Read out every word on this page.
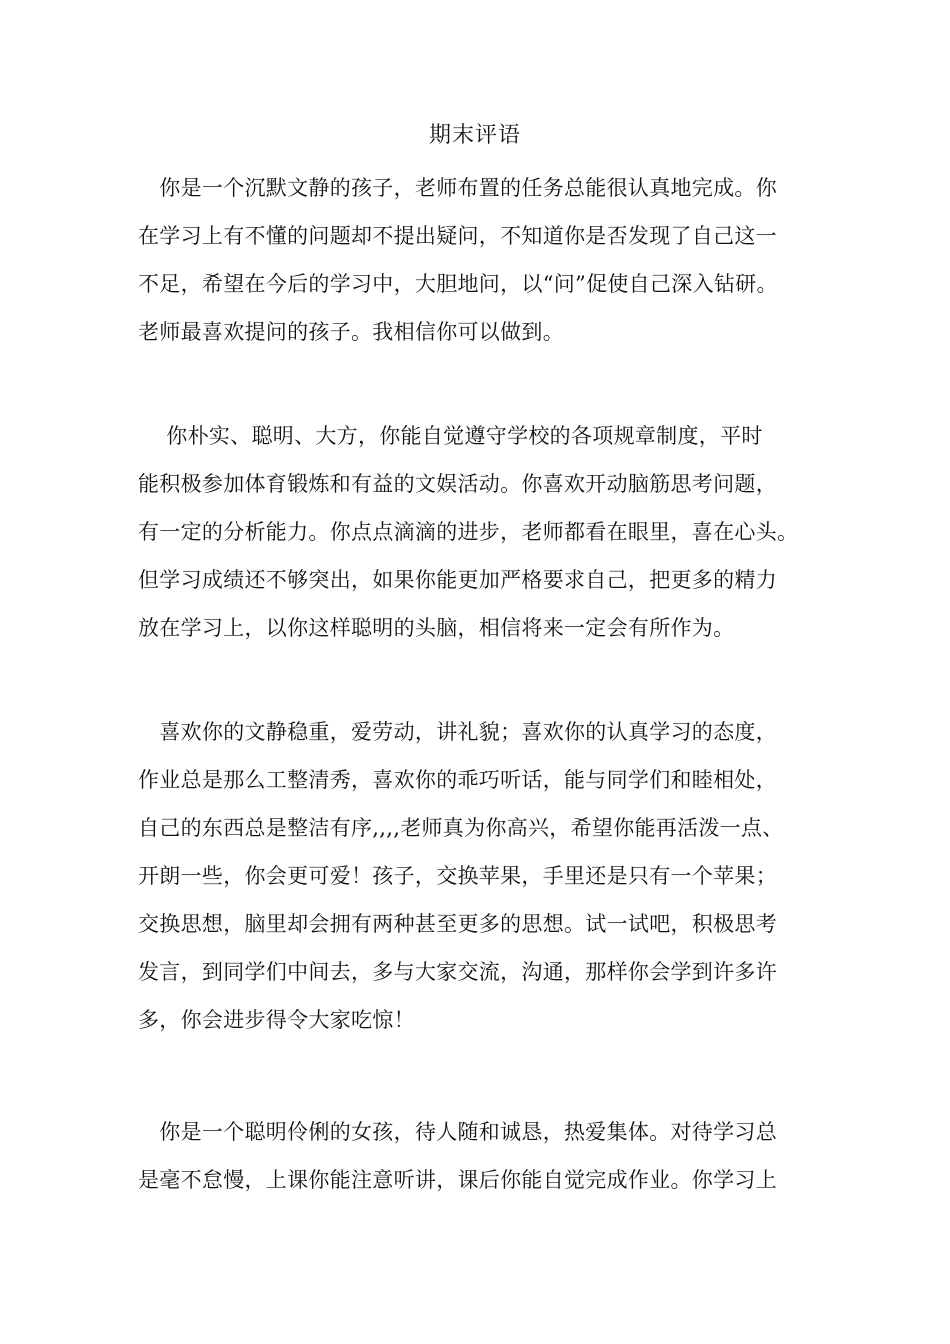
期末评语
　你是一个沉默文静的孩子，老师布置的任务总能很认真地完成。你
在学习上有不懂的问题却不提出疑问，不知道你是否发现了自己这一
不足，希望在今后的学习中，大胆地问，以“问”促使自己深入钻研。
老师最喜欢提问的孩子。我相信你可以做到。
　 你朴实、聪明、大方，你能自觉遵守学校的各项规章制度，平时
能积极参加体育锻炼和有益的文娱活动。你喜欢开动脑筋思考问题，
有一定的分析能力。你点点滴滴的进步，老师都看在眼里，喜在心头。
但学习成绩还不够突出，如果你能更加严格要求自己，把更多的精力
放在学习上，以你这样聪明的头脑，相信将来一定会有所作为。
　喜欢你的文静稳重，爱劳动，讲礼貌；喜欢你的认真学习的态度，
作业总是那么工整清秀，喜欢你的乖巧听话，能与同学们和睦相处，
自己的东西总是整洁有序,,,,老师真为你高兴，希望你能再活泼一点、
开朗一些，你会更可爱！孩子，交换苹果，手里还是只有一个苹果；
交换思想，脑里却会拥有两种甚至更多的思想。试一试吧，积极思考
发言，到同学们中间去，多与大家交流，沟通，那样你会学到许多许
多，你会进步得令大家吃惊！
　你是一个聪明伶俐的女孩，待人随和诚恳，热爱集体。对待学习总
是毫不怠慢，上课你能注意听讲，课后你能自觉完成作业。你学习上
